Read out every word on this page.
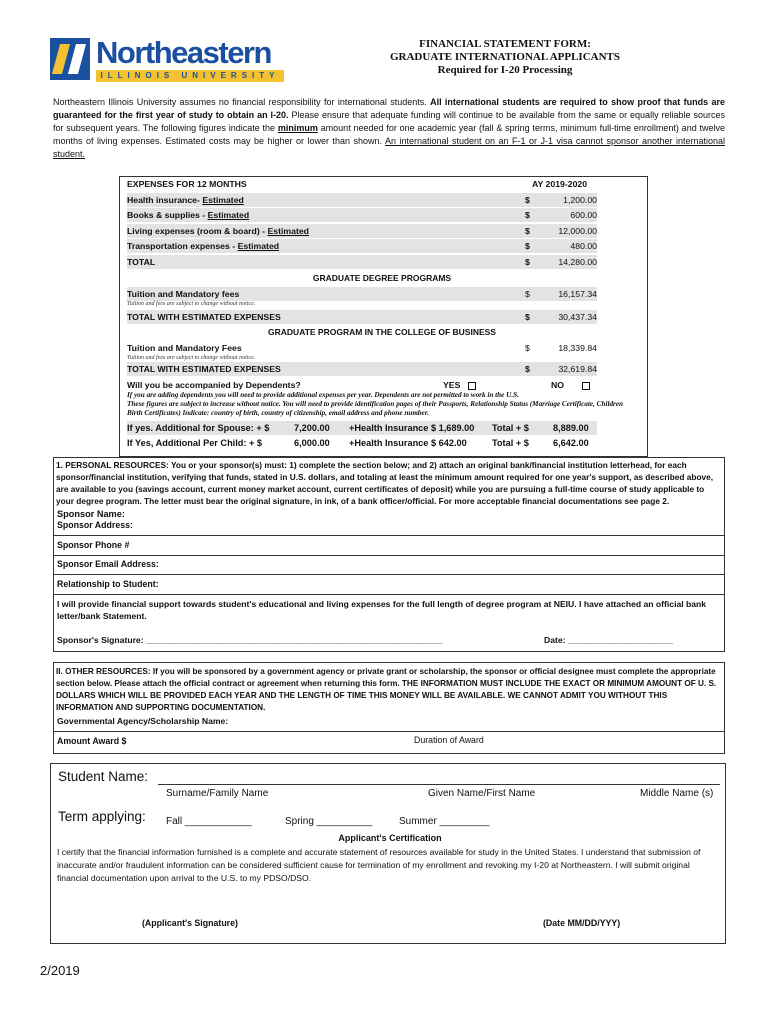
Northeastern
ILLINOIS UNIVERSITY
FINANCIAL STATEMENT FORM:
GRADUATE INTERNATIONAL APPLICANTS
Required for I-20 Processing
Northeastern Illinois University assumes no financial responsibility for international students. All international students are required to show proof that funds are guaranteed for the first year of study to obtain an I-20. Please ensure that adequate funding will continue to be available from the same or equally reliable sources for subsequent years. The following figures indicate the minimum amount needed for one academic year (fall & spring terms, minimum full-time enrollment) and twelve months of living expenses. Estimated costs may be higher or lower than shown. An international student on an F-1 or J-1 visa cannot sponsor another international student.
EXPENSES FOR 12 MONTHS	AY 2019-2020
Health insurance- Estimated	$	1,200.00
Books & supplies - Estimated	$	600.00
Living expenses (room & board) - Estimated	$	12,000.00
Transportation expenses - Estimated	$	480.00
TOTAL	$	14,280.00
GRADUATE DEGREE PROGRAMS
Tuition and Mandatory fees	$	16,157.34
Tuition and fees are subject to change without notice.
TOTAL WITH ESTIMATED EXPENSES	$	30,437.34
GRADUATE PROGRAM IN THE COLLEGE OF BUSINESS
Tuition and Mandatory Fees	$	18,339.84
Tuition and fees are subject to change without notice.
TOTAL WITH ESTIMATED EXPENSES	$	32,619.84
Will you be accompanied by Dependents?	YES	NO
If you are adding dependents you will need to provide additional expenses per year. Dependents are not permitted to work in the U.S.
These figures are subject to increase without notice. You will need to provide identification pages of their Passports, Relationship Status (Marriage Certificate, Children Birth Certificates) Indicate: country of birth, country of citizenship, email address and phone number.
If yes. Additional for Spouse: + $	7,200.00 +Health Insurance $ 1,689.00 Total + $	8,889.00
If Yes, Additional Per Child: + $	6,000.00 +Health Insurance $ 642.00	Total + $	6,642.00
1. PERSONAL RESOURCES: You or your sponsor(s) must: 1) complete the section below; and 2) attach an original bank/financial institution letterhead, for each sponsor/financial institution, verifying that funds, stated in U.S. dollars, and totaling at least the minimum amount required for one year's support, as described above, are available to you (savings account, current money market account, current certificates of deposit) while you are pursuing a full-time course of study applicable to your degree program. The letter must bear the original signature, in ink, of a bank officer/official. For more acceptable financial documentations see page 2.
Sponsor Name:
Sponsor Address:
Sponsor Phone #
Sponsor Email Address:
Relationship to Student:
I will provide financial support towards student's educational and living expenses for the full length of degree program at NEIU. I have attached an official bank letter/bank Statement.
Sponsor's Signature: ______________________________________________________________	Date: ______________________
II. OTHER RESOURCES: If you will be sponsored by a government agency or private grant or scholarship, the sponsor or official designee must complete the appropriate section below. Please attach the official contract or agreement when returning this form. THE INFORMATION MUST INCLUDE THE EXACT OR MINIMUM AMOUNT OF U. S. DOLLARS WHICH WILL BE PROVIDED EACH YEAR AND THE LENGTH OF TIME THIS MONEY WILL BE AVAILABLE. WE CANNOT ADMIT YOU WITHOUT THIS INFORMATION AND SUPPORTING DOCUMENTATION.
Governmental Agency/Scholarship Name:
Amount Award $	Duration of Award
Student Name:
Surname/Family Name	Given Name/First Name	Middle Name (s)
Term applying: Fall ____________	Spring __________	Summer _________
Applicant's Certification
I certify that the financial information furnished is a complete and accurate statement of resources available for study in the United States. I understand that submission of inaccurate and/or fraudulent information can be considered sufficient cause for termination of my enrollment and revoking my I-20 at Northeastern. I will submit original financial documentation upon arrival to the U.S. to my PDSO/DSO.
(Applicant's Signature)	(Date MM/DD/YYY)
2/2019
